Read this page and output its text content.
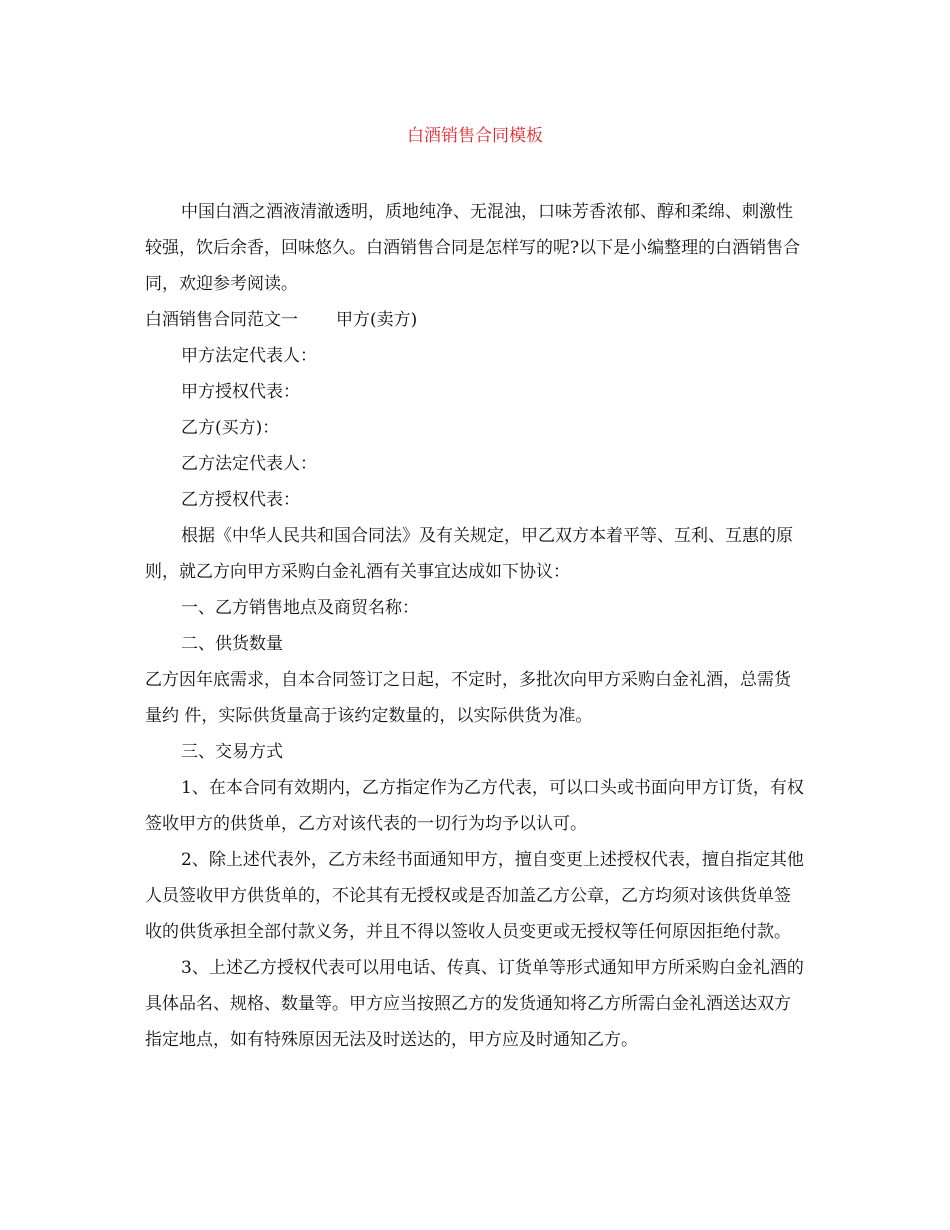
白酒销售合同模板

中国白酒之酒液清澈透明，质地纯净、无混浊，口味芳香浓郁、醇和柔绵、刺激性较强，饮后余香，回味悠久。白酒销售合同是怎样写的呢?以下是小编整理的白酒销售合同，欢迎参考阅读。

白酒销售合同范文一 甲方(卖方)

甲方法定代表人：

甲方授权代表：

乙方(买方)：

乙方法定代表人：

乙方授权代表：

根据《中华人民共和国合同法》及有关规定，甲乙双方本着平等、互利、互惠的原则，就乙方向甲方采购白金礼酒有关事宜达成如下协议：

一、乙方销售地点及商贸名称：

二、供货数量

乙方因年底需求，自本合同签订之日起，不定时，多批次向甲方采购白金礼酒，总需货量约 件，实际供货量高于该约定数量的，以实际供货为准。

三、交易方式

1、在本合同有效期内，乙方指定作为乙方代表，可以口头或书面向甲方订货，有权签收甲方的供货单，乙方对该代表的一切行为均予以认可。

2、除上述代表外，乙方未经书面通知甲方，擅自变更上述授权代表，擅自指定其他人员签收甲方供货单的，不论其有无授权或是否加盖乙方公章，乙方均须对该供货单签收的供货承担全部付款义务，并且不得以签收人员变更或无授权等任何原因拒绝付款。

3、上述乙方授权代表可以用电话、传真、订货单等形式通知甲方所采购白金礼酒的具体品名、规格、数量等。甲方应当按照乙方的发货通知将乙方所需白金礼酒送达双方指定地点，如有特殊原因无法及时送达的，甲方应及时通知乙方。
